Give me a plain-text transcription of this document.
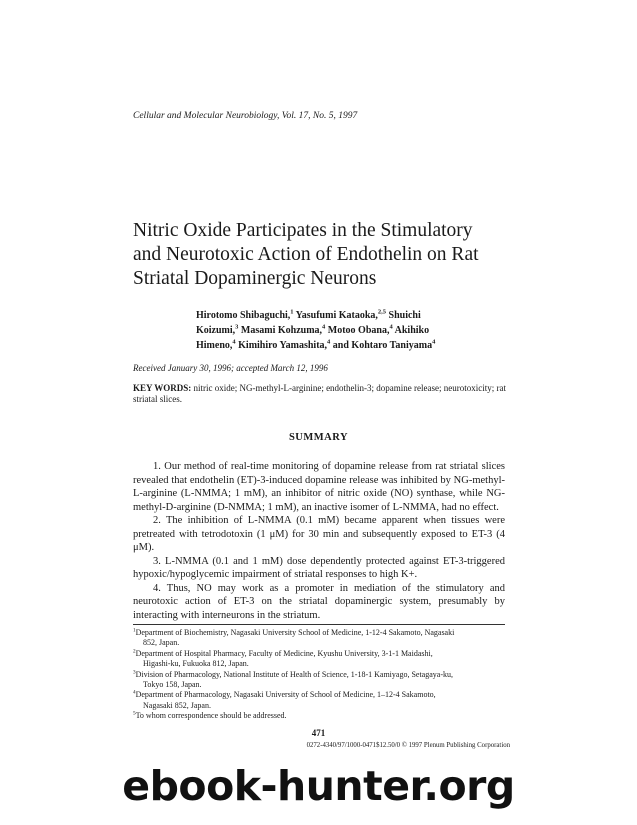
Cellular and Molecular Neurobiology, Vol. 17, No. 5, 1997
Nitric Oxide Participates in the Stimulatory
and Neurotoxic Action of Endothelin on Rat
Striatal Dopaminergic Neurons
Hirotomo Shibaguchi,$^1$ Yasufumi Kataoka,$^{2,5}$ Shuichi
Koizumi,$^3$ Masami Kohzuma,$^4$ Motoo Obana,$^4$ Akihiko
Himeno,$^4$ Kimihiro Yamashita,$^4$ and Kohtaro Taniyama$^4$
Received January 30, 1996; accepted March 12, 1996
KEY WORDS: nitric oxide; NG-methyl-L-arginine; endothelin-3; dopamine release; neurotoxicity; rat striatal slices.
SUMMARY

1. Our method of real-time monitoring of dopamine release from rat striatal slices revealed that endothelin (ET)-3-induced dopamine release was inhibited by NG-methyl-L-arginine (L-NMMA; 1 mM), an inhibitor of nitric oxide (NO) synthase, while NG-methyl-D-arginine (D-NMMA; 1 mM), an inactive isomer of L-NMMA, had no effect.

2. The inhibition of L-NMMA (0.1 mM) became apparent when tissues were pretreated with tetrodotoxin (1 μM) for 30 min and subsequently exposed to ET-3 (4 μM).

3. L-NMMA (0.1 and 1 mM) dose dependently protected against ET-3-triggered hypoxic/hypoglycemic impairment of striatal responses to high K+.

4. Thus, NO may work as a promoter in mediation of the stimulatory and neurotoxic action of ET-3 on the striatal dopaminergic system, presumably by interacting with interneurons in the striatum.

$^1$Department of Biochemistry, Nagasaki University School of Medicine, 1-12-4 Sakamoto, Nagasaki

852, Japan.

$^2$Department of Hospital Pharmacy, Faculty of Medicine, Kyushu University, 3-1-1 Maidashi,

Higashi-ku, Fukuoka 812, Japan.

$^3$Division of Pharmacology, National Institute of Health of Science, 1-18-1 Kamiyago, Setagaya-ku,

Tokyo 158, Japan.

$^4$Department of Pharmacology, Nagasaki University of School of Medicine, 1–12-4 Sakamoto,

Nagasaki 852, Japan.

$^5$To whom correspondence should be addressed.

471
0272-4340/97/1000-0471$12.50/0 © 1997 Plenum Publishing Corporation
ebook-hunter.org
